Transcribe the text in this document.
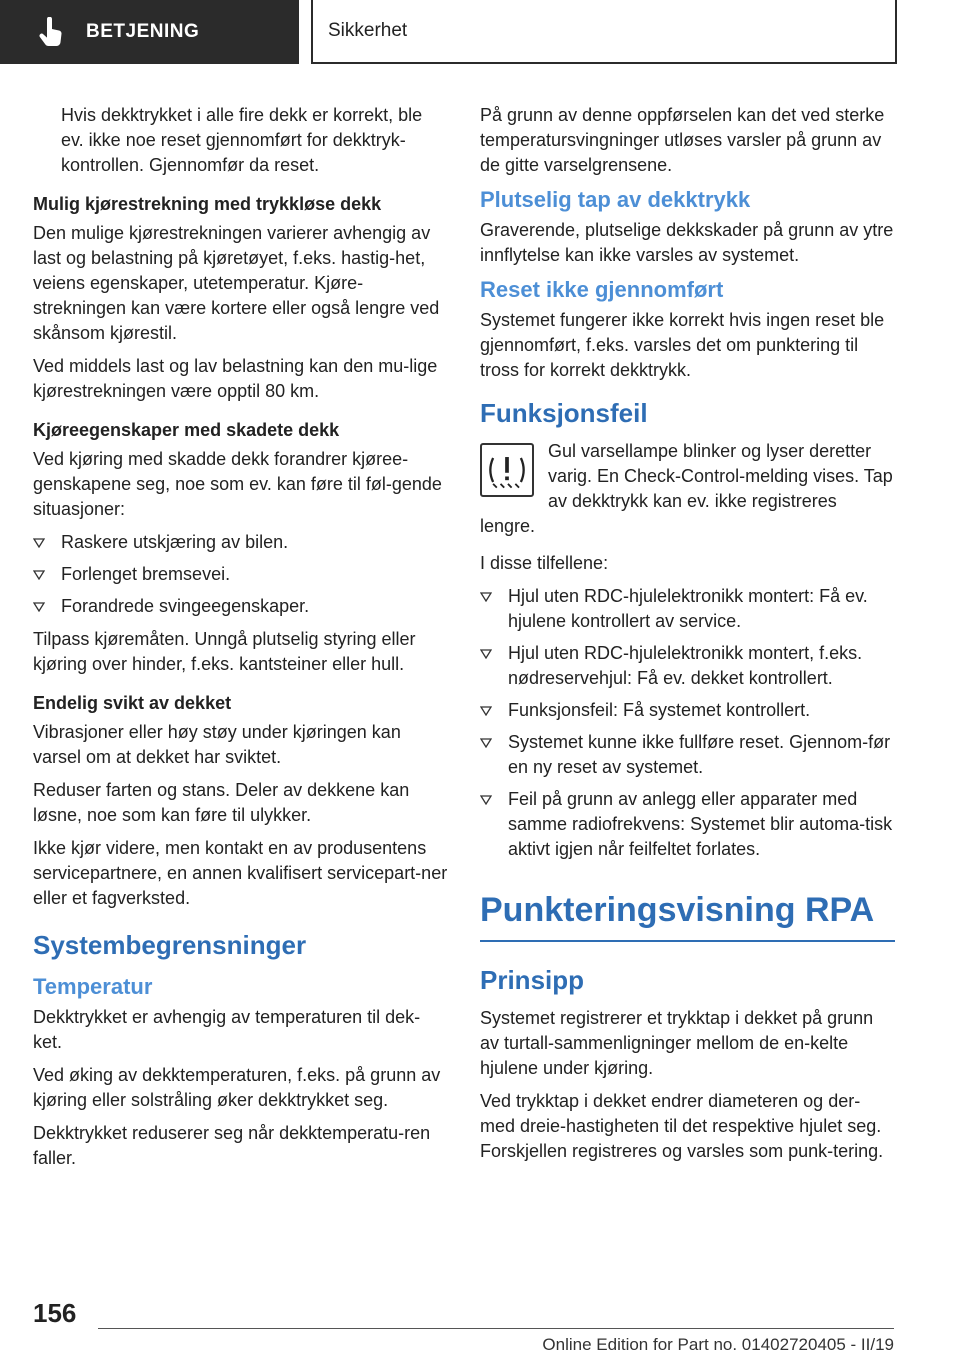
BETJENING	Sikkerhet

Hvis dekktrykket i alle fire dekk er korrekt, ble ev. ikke noe reset gjennomført for dekktryk-kontrollen. Gjennomfør da reset.

Mulig kjørestrekning med trykkløse dekk

Den mulige kjørestrekningen varierer avhengig av last og belastning på kjøretøyet, f.eks. hastig-het, veiens egenskaper, utetemperatur. Kjøre-strekningen kan være kortere eller også lengre ved skånsom kjørestil.

Ved middels last og lav belastning kan den mu-lige kjørestrekningen være opptil 80 km.

Kjøreegenskaper med skadete dekk

Ved kjøring med skadde dekk forandrer kjøree-genskapene seg, noe som ev. kan føre til føl-gende situasjoner:

Raskere utskjæring av bilen.
Forlenget bremsevei.
Forandrede svingeegenskaper.

Tilpass kjøremåten. Unngå plutselig styring eller kjøring over hinder, f.eks. kantsteiner eller hull.

Endelig svikt av dekket

Vibrasjoner eller høy støy under kjøringen kan varsel om at dekket har sviktet.

Reduser farten og stans. Deler av dekkene kan løsne, noe som kan føre til ulykker.

Ikke kjør videre, men kontakt en av produsentens servicepartnere, en annen kvalifisert servicepart-ner eller et fagverksted.

Systembegrensninger
Temperatur

Dekktrykket er avhengig av temperaturen til dek-ket.

Ved øking av dekktemperaturen, f.eks. på grunn av kjøring eller solstråling øker dekktrykket seg.

Dekktrykket reduserer seg når dekktemperatu-ren faller.

På grunn av denne oppførselen kan det ved sterke temperatursvingninger utløses varsler på grunn av de gitte varselgrensene.

Plutselig tap av dekktrykk

Graverende, plutselige dekkskader på grunn av ytre innflytelse kan ikke varsles av systemet.

Reset ikke gjennomført

Systemet fungerer ikke korrekt hvis ingen reset ble gjennomført, f.eks. varsles det om punktering til tross for korrekt dekktrykk.

Funksjonsfeil

Gul varsellampe blinker og lyser deretter varig. En Check-Control-melding vises. Tap av dekktrykk kan ev. ikke registreres lengre.

I disse tilfellene:

Hjul uten RDC-hjulelektronikk montert: Få ev. hjulene kontrollert av service.
Hjul uten RDC-hjulelektronikk montert, f.eks. nødreservehjul: Få ev. dekket kontrollert.
Funksjonsfeil: Få systemet kontrollert.
Systemet kunne ikke fullføre reset. Gjennom-før en ny reset av systemet.
Feil på grunn av anlegg eller apparater med samme radiofrekvens: Systemet blir automa-tisk aktivt igjen når feilfeltet forlates.
Punkteringsvisning RPA
Prinsipp

Systemet registrerer et trykktap i dekket på grunn av turtall-sammenligninger mellom de en-kelte hjulene under kjøring.

Ved trykktap i dekket endrer diameteren og der-med dreie-hastigheten til det respektive hjulet seg. Forskjellen registreres og varsles som punk-tering.

156
Online Edition for Part no. 01402720405 - II/19
